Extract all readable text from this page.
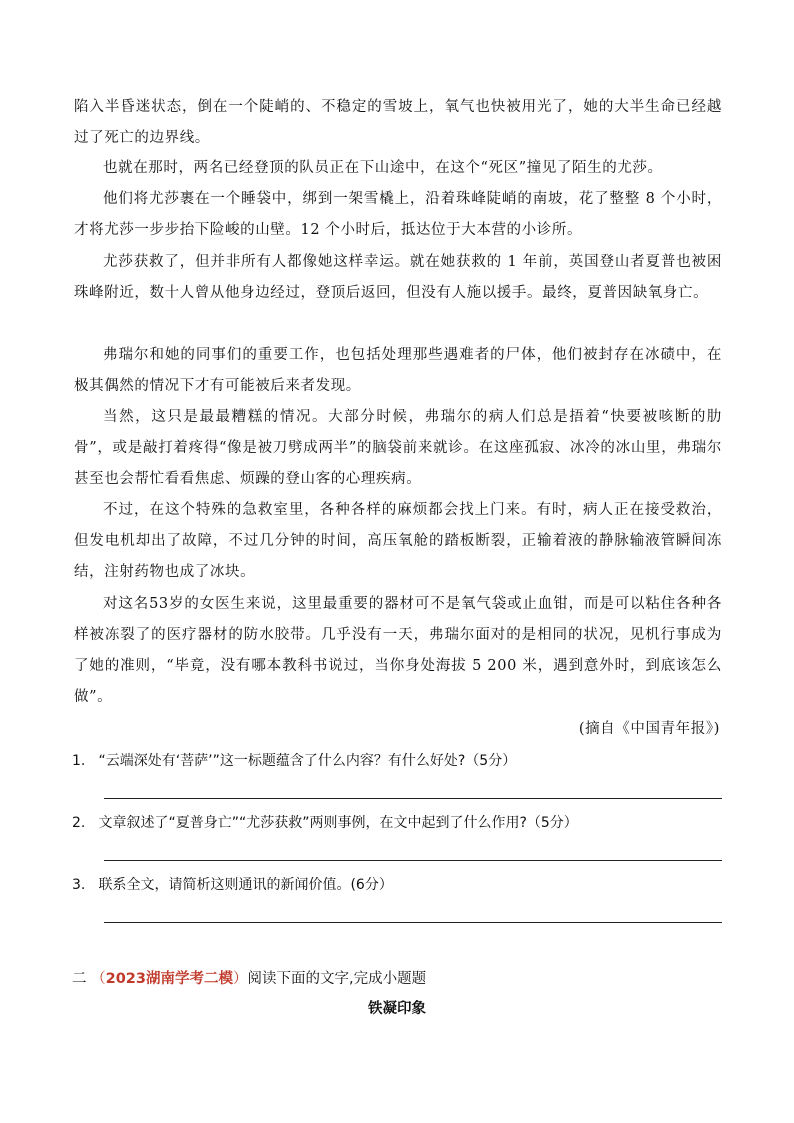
陷入半昏迷状态，倒在一个陡峭的、不稳定的雪坡上，氧气也快被用光了，她的大半生命已经越过了死亡的边界线。

也就在那时，两名已经登顶的队员正在下山途中，在这个“死区”撞见了陌生的尤莎。

他们将尤莎裹在一个睡袋中，绑到一架雪橇上，沿着珠峰陡峭的南坡，花了整整 8 个小时，才将尤莎一步步抬下险峻的山壁。12 个小时后，抵达位于大本营的小诊所。

尤莎获救了，但并非所有人都像她这样幸运。就在她获救的 1 年前，英国登山者夏普也被困珠峰附近，数十人曾从他身边经过，登顶后返回，但没有人施以援手。最终，夏普因缺氧身亡。

弗瑞尔和她的同事们的重要工作，也包括处理那些遇难者的尸体，他们被封存在冰碛中，在极其偶然的情况下才有可能被后来者发现。

当然，这只是最最糟糕的情况。大部分时候，弗瑞尔的病人们总是捂着“快要被咳断的肋骨”，或是敲打着疼得“像是被刀劈成两半”的脑袋前来就诊。在这座孤寂、冰冷的冰山里，弗瑞尔甚至也会帮忙看看焦虑、烦躁的登山客的心理疾病。

不过，在这个特殊的急救室里，各种各样的麻烦都会找上门来。有时，病人正在接受救治，但发电机却出了故障，不过几分钟的时间，高压氧舱的踏板断裂，正输着液的静脉输液管瞬间冻结，注射药物也成了冰块。

对这名53岁的女医生来说，这里最重要的器材可不是氧气袋或止血钳，而是可以粘住各种各样被冻裂了的医疗器材的防水胶带。几乎没有一天，弗瑞尔面对的是相同的状况，见机行事成为了她的准则，“毕竟，没有哪本教科书说过，当你身处海拔 5 200 米，遇到意外时，到底该怎么做”。

(摘自《中国青年报》)
1. “云端深处有‘菩萨’”这一标题蕴含了什么内容？有什么好处?（5分）
2. 文章叙述了“夏普身亡”“尤莎获救”两则事例，在文中起到了什么作用?（5分）
3. 联系全文，请简析这则通讯的新闻价值。(6分）
二 （2023湖南学考二模）阅读下面的文字,完成小题题
铁凝印象
